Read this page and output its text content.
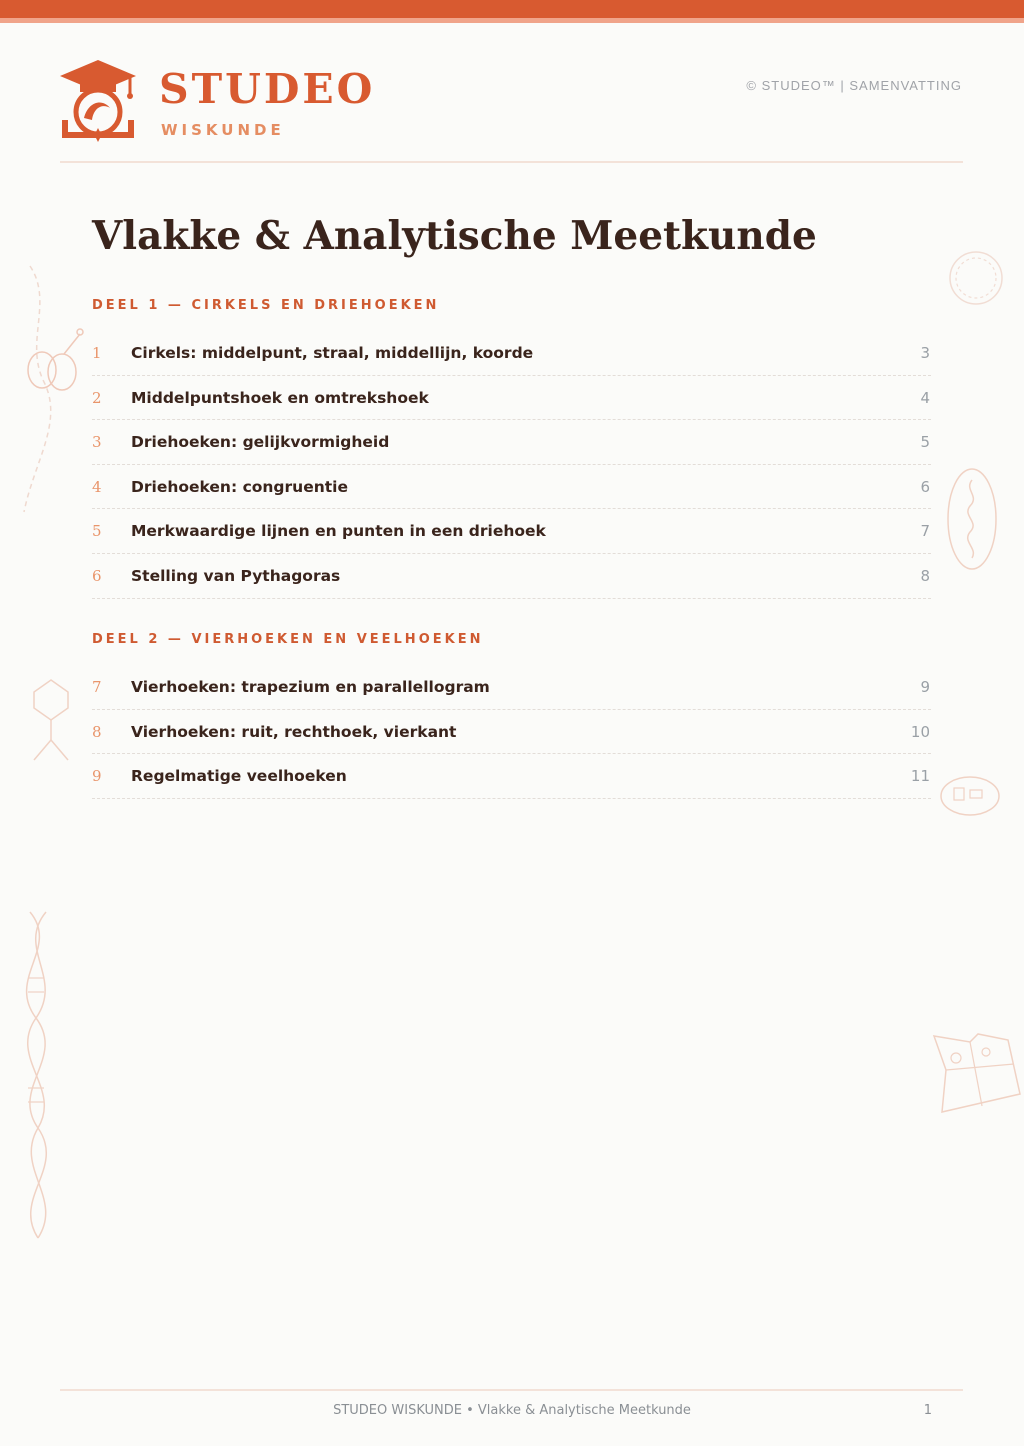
STUDEO
WISKUNDE
© STUDEO™ | SAMENVATTING
Vlakke & Analytische Meetkunde
DEEL 1 — CIRKELS EN DRIEHOEKEN
1 Cirkels: middelpunt, straal, middellijn, koorde	3
2 Middelpuntshoek en omtrekshoek	4
3 Driehoeken: gelijkvormigheid	5
4 Driehoeken: congruentie	6
5 Merkwaardige lijnen en punten in een driehoek	7
6 Stelling van Pythagoras	8
DEEL 2 — VIERHOEKEN EN VEELHOEKEN
7 Vierhoeken: trapezium en parallellogram	9
8 Vierhoeken: ruit, rechthoek, vierkant	10
9 Regelmatige veelhoeken	11
STUDEO WISKUNDE • Vlakke & Analytische Meetkunde	1
